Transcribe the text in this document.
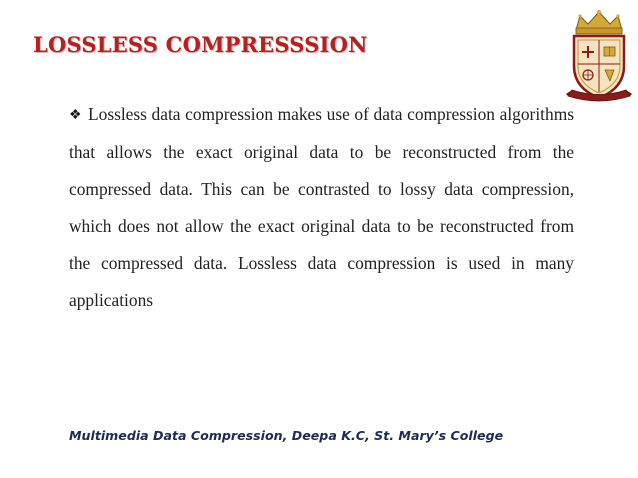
LOSSLESS COMPRESSSION
❖ Lossless data compression makes use of data compression algorithms that allows the exact original data to be reconstructed from the compressed data. This can be contrasted to lossy data compression, which does not allow the exact original data to be reconstructed from the compressed data. Lossless data compression is used in many applications
Multimedia Data Compression, Deepa K.C, St. Mary’s College
